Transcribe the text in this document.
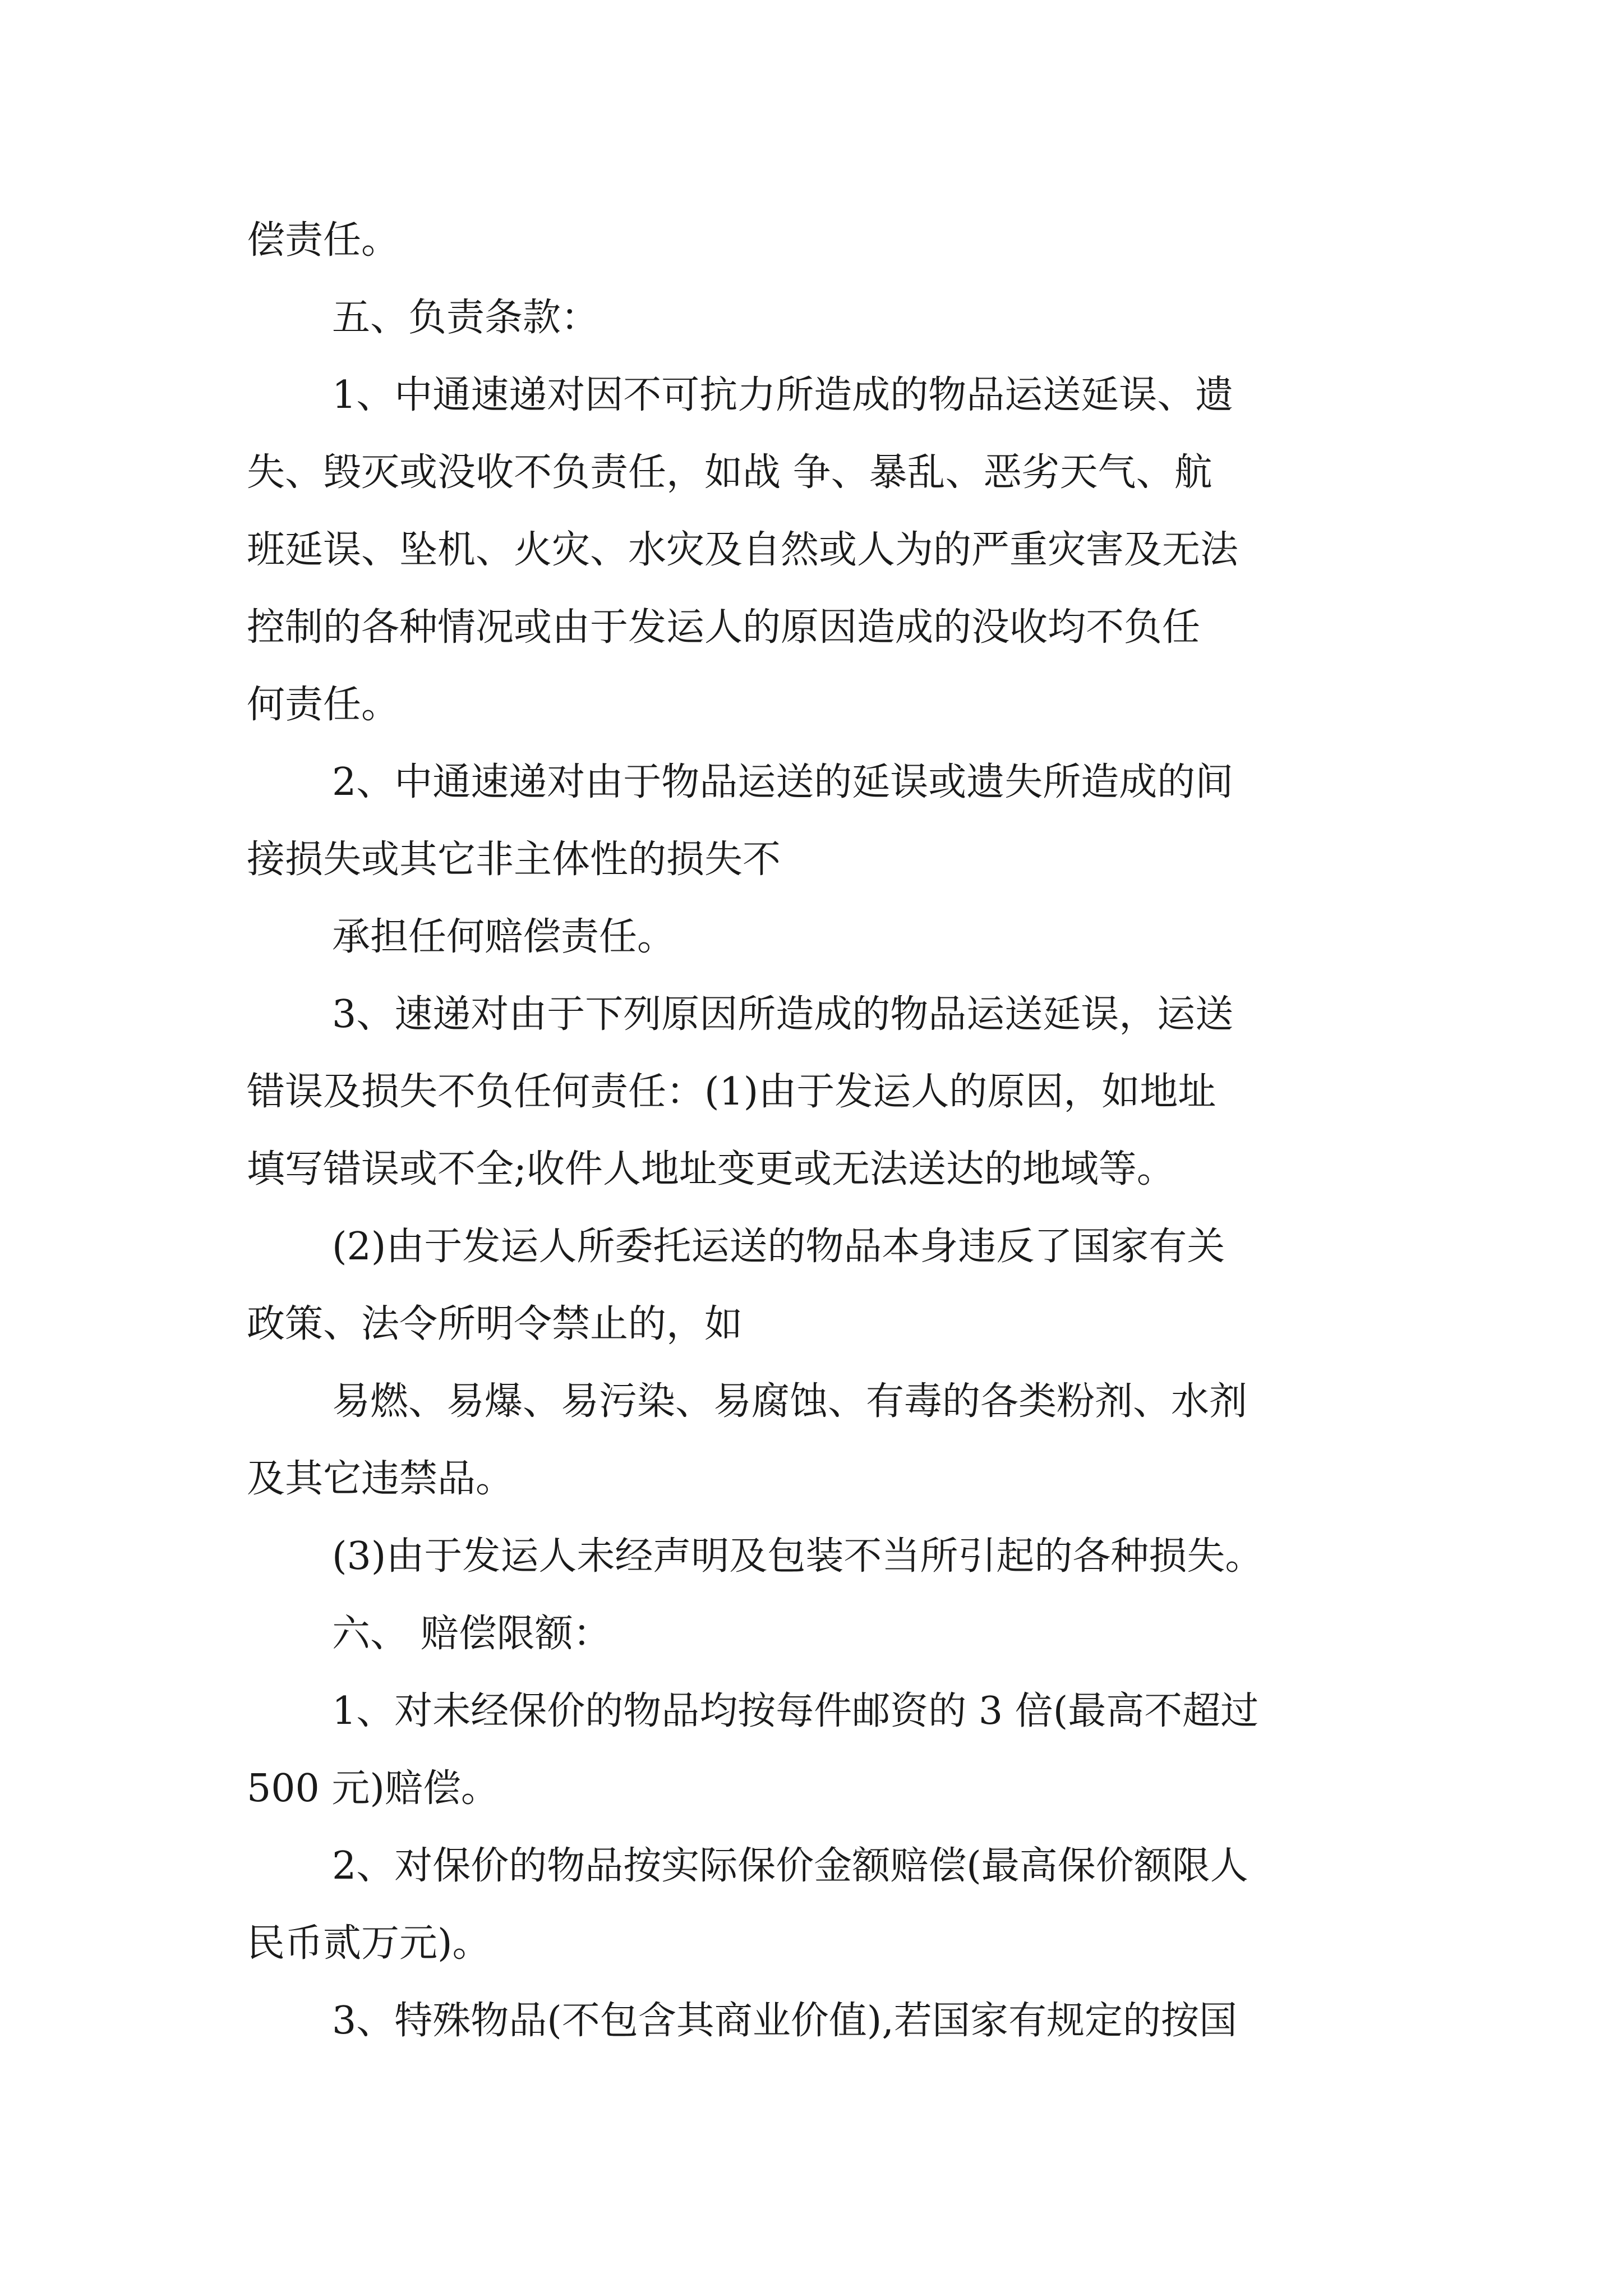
偿责任。
五、负责条款：
1、中通速递对因不可抗力所造成的物品运送延误、遗
失、毁灭或没收不负责任，如战 争、暴乱、恶劣天气、航
班延误、坠机、火灾、水灾及自然或人为的严重灾害及无法
控制的各种情况或由于发运人的原因造成的没收均不负任
何责任。
2、中通速递对由于物品运送的延误或遗失所造成的间
接损失或其它非主体性的损失不
承担任何赔偿责任。
3、速递对由于下列原因所造成的物品运送延误，运送
错误及损失不负任何责任：(1)由于发运人的原因，如地址
填写错误或不全;收件人地址变更或无法送达的地域等。
(2)由于发运人所委托运送的物品本身违反了国家有关
政策、法令所明令禁止的，如
易燃、易爆、易污染、易腐蚀、有毒的各类粉剂、水剂
及其它违禁品。
(3)由于发运人未经声明及包装不当所引起的各种损失。
六、 赔偿限额：
1、对未经保价的物品均按每件邮资的 3 倍(最高不超过
500 元)赔偿。
2、对保价的物品按实际保价金额赔偿(最高保价额限人
民币贰万元)。
3、特殊物品(不包含其商业价值),若国家有规定的按国
